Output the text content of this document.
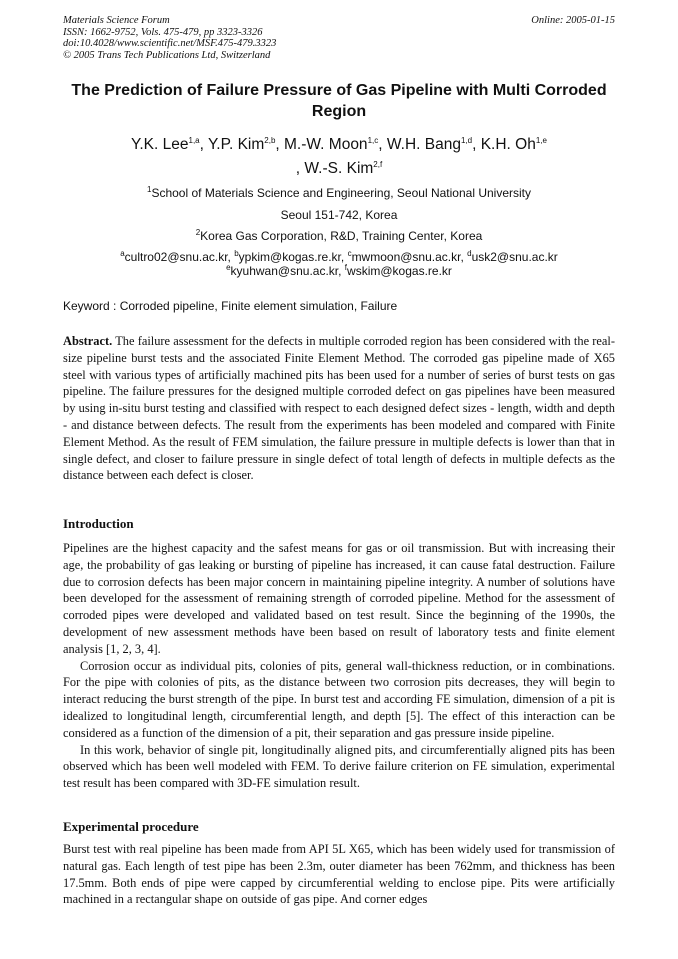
Materials Science Forum	Online: 2005-01-15
ISSN: 1662-9752, Vols. 475-479, pp 3323-3326
doi:10.4028/www.scientific.net/MSF.475-479.3323
© 2005 Trans Tech Publications Ltd, Switzerland
The Prediction of Failure Pressure of Gas Pipeline with Multi Corroded Region
Y.K. Lee$^{1,a}$, Y.P. Kim$^{2,b}$, M.-W. Moon$^{1,c}$, W.H. Bang$^{1,d}$, K.H. Oh$^{1,e}$
, W.-S. Kim$^{2,f}$
$^1$School of Materials Science and Engineering, Seoul National University
Seoul 151-742, Korea
$^2$Korea Gas Corporation, R&D, Training Center, Korea
$^a$cultro02@snu.ac.kr, $^b$ypkim@kogas.re.kr, $^c$mwmoon@snu.ac.kr, $^d$usk2@snu.ac.kr
$^e$kyuhwan@snu.ac.kr, $^f$wskim@kogas.re.kr
Keyword : Corroded pipeline, Finite element simulation, Failure

Abstract. The failure assessment for the defects in multiple corroded region has been considered with the real-size pipeline burst tests and the associated Finite Element Method. The corroded gas pipeline made of X65 steel with various types of artificially machined pits has been used for a number of series of burst tests on gas pipeline. The failure pressures for the designed multiple corroded defect on gas pipelines have been measured by using in-situ burst testing and classified with respect to each designed defect sizes - length, width and depth - and distance between defects. The result from the experiments has been modeled and compared with Finite Element Method. As the result of FEM simulation, the failure pressure in multiple defects is lower than that in single defect, and closer to failure pressure in single defect of total length of defects in multiple defects as the distance between each defect is closer.

Introduction

Pipelines are the highest capacity and the safest means for gas or oil transmission. But with increasing their age, the probability of gas leaking or bursting of pipeline has increased, it can cause fatal destruction. Failure due to corrosion defects has been major concern in maintaining pipeline integrity. A number of solutions have been developed for the assessment of remaining strength of corroded pipeline. Method for the assessment of corroded pipes were developed and validated based on test result. Since the beginning of the 1990s, the development of new assessment methods have been based on result of laboratory tests and finite element analysis [1, 2, 3, 4].

Corrosion occur as individual pits, colonies of pits, general wall-thickness reduction, or in combinations. For the pipe with colonies of pits, as the distance between two corrosion pits decreases, they will begin to interact reducing the burst strength of the pipe. In burst test and according FE simulation, dimension of a pit is idealized to longitudinal length, circumferential length, and depth [5]. The effect of this interaction can be considered as a function of the dimension of a pit, their separation and gas pressure inside pipeline.

In this work, behavior of single pit, longitudinally aligned pits, and circumferentially aligned pits has been observed which has been well modeled with FEM. To derive failure criterion on FE simulation, experimental test result has been compared with 3D-FE simulation result.

Experimental procedure

Burst test with real pipeline has been made from API 5L X65, which has been widely used for transmission of natural gas. Each length of test pipe has been 2.3m, outer diameter has been 762mm, and thickness has been 17.5mm. Both ends of pipe were capped by circumferential welding to enclose pipe. Pits were artificially machined in a rectangular shape on outside of gas pipe. And corner edges
